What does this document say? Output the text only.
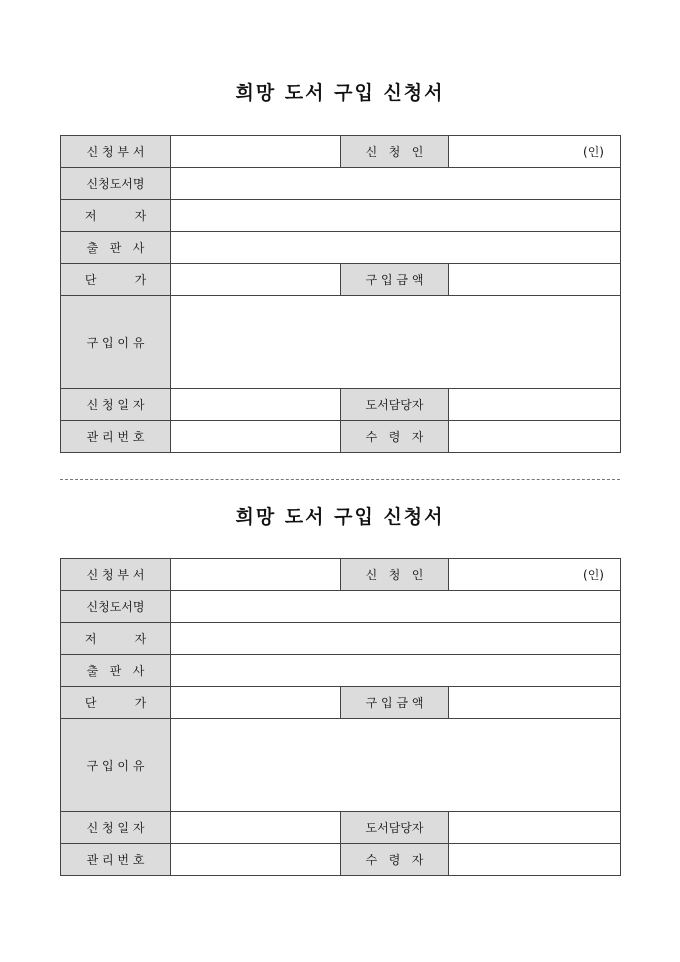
희망 도서 구입 신청서
신 청 부 서		신   청   인	(인)
신청도서명			
저          자			
출   판   사			
단          가		구 입 금 액	
구 입 이 유			
신 청 일 자		도서담당자	
관 리 번 호		수   령   자	
희망 도서 구입 신청서
신 청 부 서		신   청   인	(인)
신청도서명			
저          자			
출   판   사			
단          가		구 입 금 액	
구 입 이 유			
신 청 일 자		도서담당자	
관 리 번 호		수   령   자	
